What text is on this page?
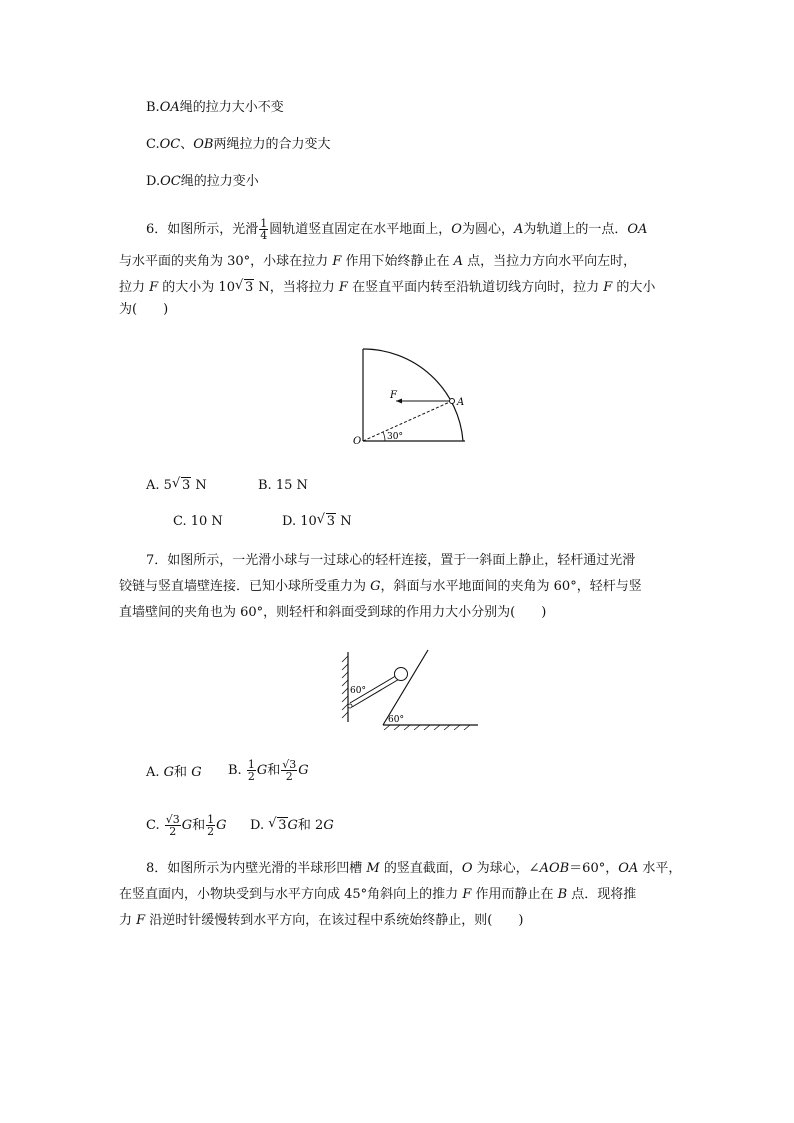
B.OA绳的拉力大小不变
C.OC、OB两绳拉力的合力变大
D.OC绳的拉力变小
6．如图所示，光滑 $\frac{1}{4}$ 圆轨道竖直固定在水平地面上，O为圆心，A为轨道上的一点．OA
与水平面的夹角为 30°，小球在拉力 F 作用下始终静止在 A 点，当拉力方向水平向左时，
拉力 F 的大小为 10 √ 3 N，当将拉力 F 在竖直平面内转至沿轨道切线方向时，拉力 F 的大小
为(　　)
F
A
O	30°
A. 5 √ 3 N	B. 15 N
C. 10 N	D. 10 √ 3 N
7．如图所示，一光滑小球与一过球心的轻杆连接，置于一斜面上静止，轻杆通过光滑
铰链与竖直墙壁连接．已知小球所受重力为 G，斜面与水平地面间的夹角为 60°，轻杆与竖
直墙壁间的夹角也为 60°，则轻杆和斜面受到球的作用力大小分别为(　　)
60°
60°
A. G和 G B. $\frac{1}{2}$ G和 $\frac{√3}{2}$ G
C. $\frac{√3}{2}$ G和 $\frac{1}{2}$ G D. √ 3G和 2G
8．如图所示为内壁光滑的半球形凹槽 M 的竖直截面，O 为球心，∠AOB＝60°，OA 水平，
在竖直面内，小物块受到与水平方向成 45°角斜向上的推力 F 作用而静止在 B 点．现将推
力 F 沿逆时针缓慢转到水平方向，在该过程中系统始终静止，则(　　)
